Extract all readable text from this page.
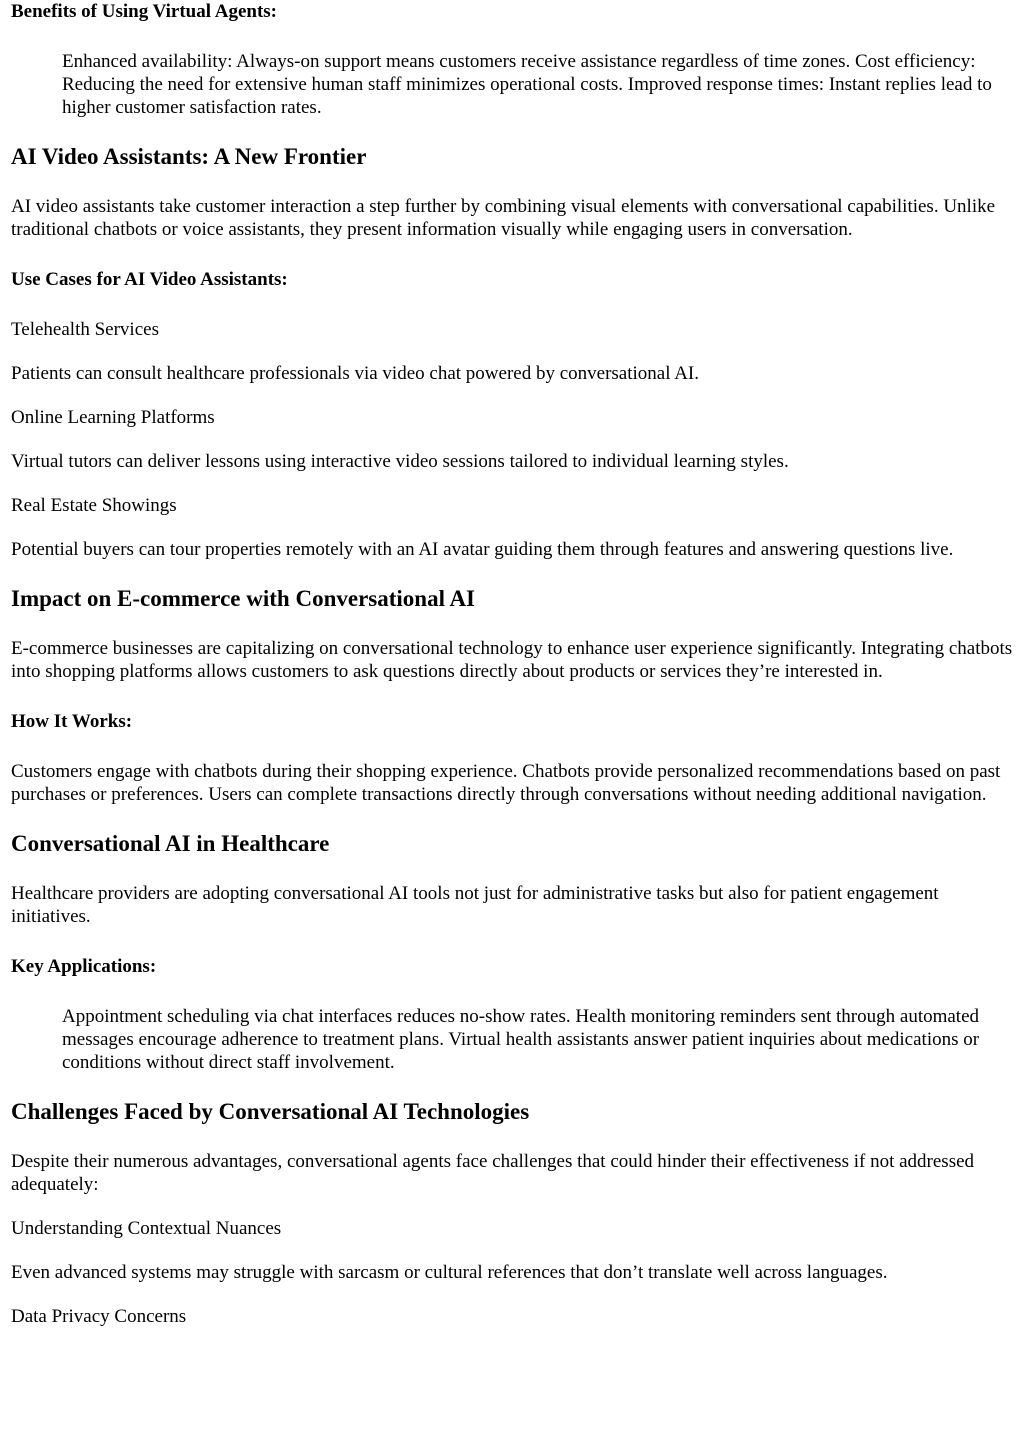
Benefits of Using Virtual Agents:

Enhanced availability: Always-on support means customers receive assistance regardless of time zones. Cost efficiency: Reducing the need for extensive human staff minimizes operational costs. Improved response times: Instant replies lead to higher customer satisfaction rates.

AI Video Assistants: A New Frontier

AI video assistants take customer interaction a step further by combining visual elements with conversational capabilities. Unlike traditional chatbots or voice assistants, they present information visually while engaging users in conversation.

Use Cases for AI Video Assistants:

Telehealth Services

Patients can consult healthcare professionals via video chat powered by conversational AI.

Online Learning Platforms

Virtual tutors can deliver lessons using interactive video sessions tailored to individual learning styles.

Real Estate Showings

Potential buyers can tour properties remotely with an AI avatar guiding them through features and answering questions live.

Impact on E-commerce with Conversational AI

E-commerce businesses are capitalizing on conversational technology to enhance user experience significantly. Integrating chatbots into shopping platforms allows customers to ask questions directly about products or services they’re interested in.

How It Works:

Customers engage with chatbots during their shopping experience. Chatbots provide personalized recommendations based on past purchases or preferences. Users can complete transactions directly through conversations without needing additional navigation.

Conversational AI in Healthcare

Healthcare providers are adopting conversational AI tools not just for administrative tasks but also for patient engagement initiatives.

Key Applications:

Appointment scheduling via chat interfaces reduces no-show rates. Health monitoring reminders sent through automated messages encourage adherence to treatment plans. Virtual health assistants answer patient inquiries about medications or conditions without direct staff involvement.

Challenges Faced by Conversational AI Technologies

Despite their numerous advantages, conversational agents face challenges that could hinder their effectiveness if not addressed adequately:

Understanding Contextual Nuances

Even advanced systems may struggle with sarcasm or cultural references that don’t translate well across languages.

Data Privacy Concerns
